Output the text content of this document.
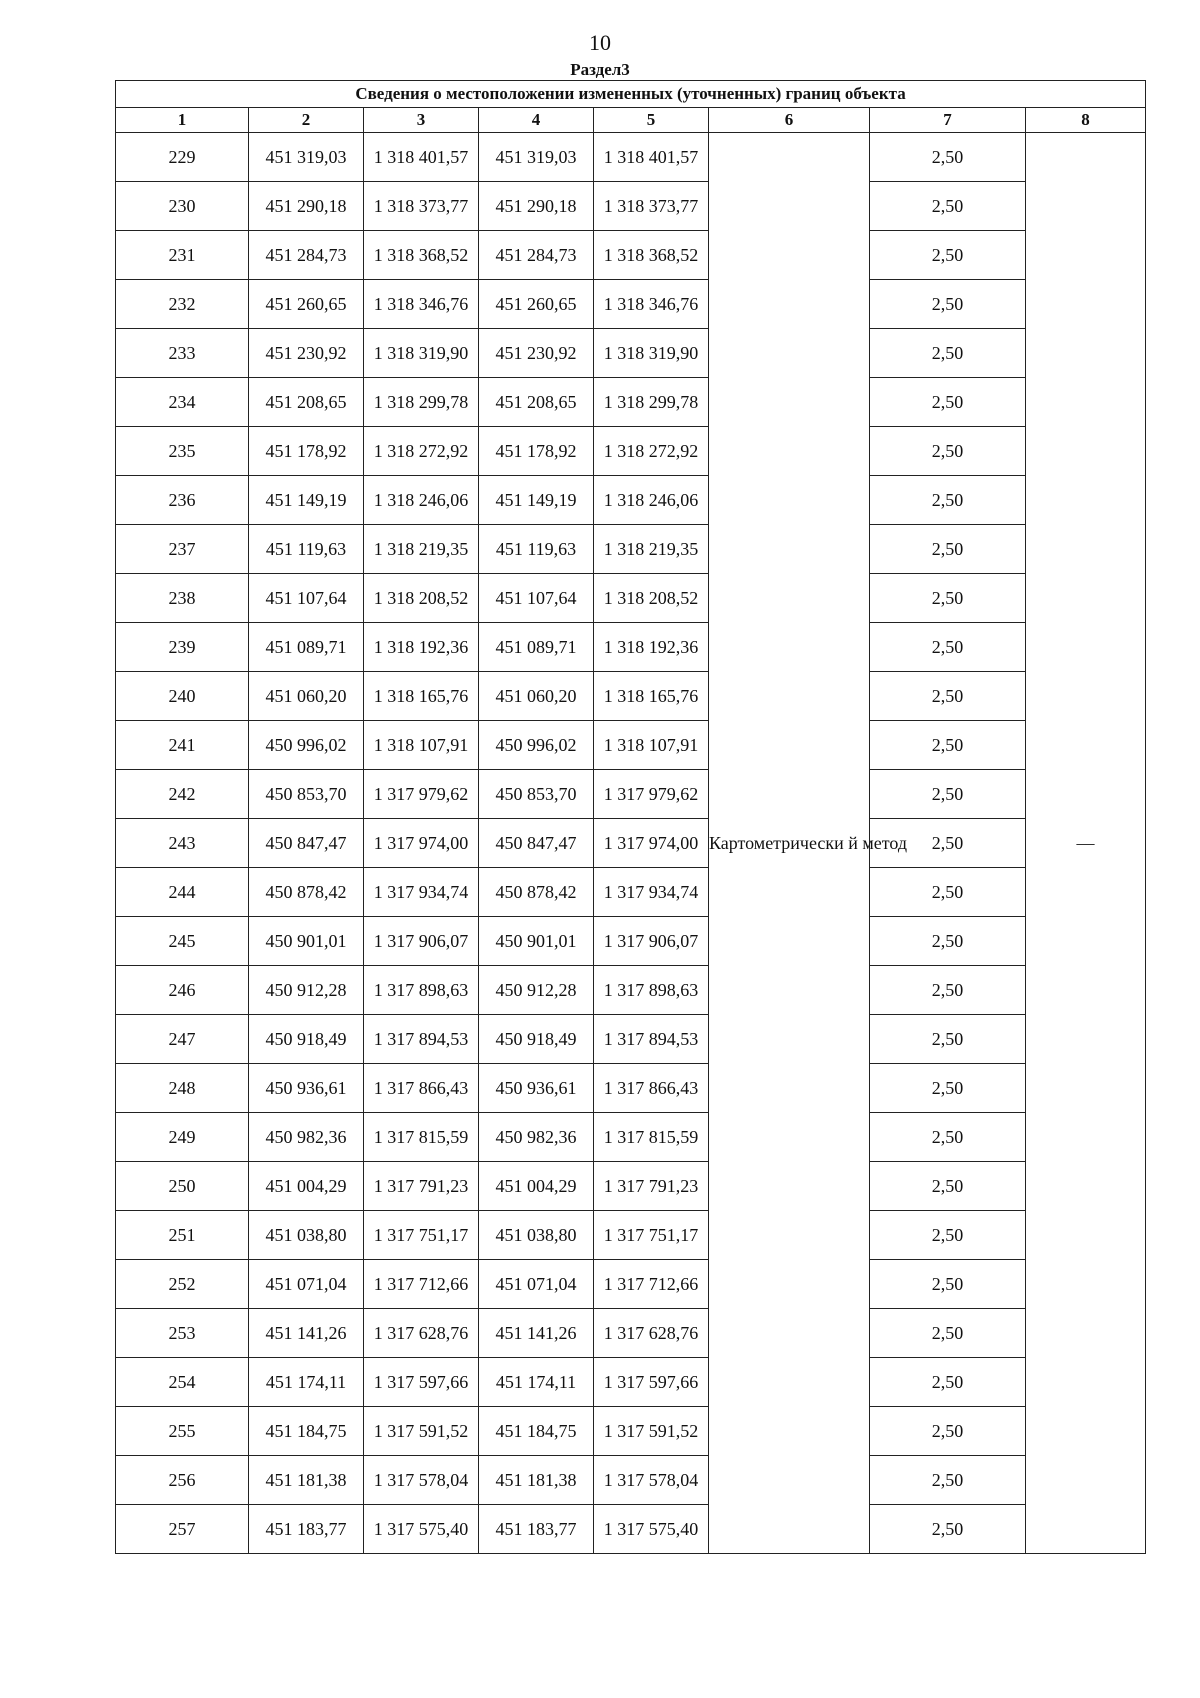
10
Раздел3
Сведения о местоположении измененных (уточненных) границ объекта							
1	2	3	4	5	6	7	8
229	451 319,03	1 318 401,57	451 319,03	1 318 401,57	Картометрически й метод	2,50	—
230	451 290,18	1 318 373,77	451 290,18	1 318 373,77		2,50	
231	451 284,73	1 318 368,52	451 284,73	1 318 368,52		2,50	
232	451 260,65	1 318 346,76	451 260,65	1 318 346,76		2,50	
233	451 230,92	1 318 319,90	451 230,92	1 318 319,90		2,50	
234	451 208,65	1 318 299,78	451 208,65	1 318 299,78		2,50	
235	451 178,92	1 318 272,92	451 178,92	1 318 272,92		2,50	
236	451 149,19	1 318 246,06	451 149,19	1 318 246,06		2,50	
237	451 119,63	1 318 219,35	451 119,63	1 318 219,35		2,50	
238	451 107,64	1 318 208,52	451 107,64	1 318 208,52		2,50	
239	451 089,71	1 318 192,36	451 089,71	1 318 192,36		2,50	
240	451 060,20	1 318 165,76	451 060,20	1 318 165,76		2,50	
241	450 996,02	1 318 107,91	450 996,02	1 318 107,91		2,50	
242	450 853,70	1 317 979,62	450 853,70	1 317 979,62		2,50	
243	450 847,47	1 317 974,00	450 847,47	1 317 974,00		2,50	
244	450 878,42	1 317 934,74	450 878,42	1 317 934,74		2,50	
245	450 901,01	1 317 906,07	450 901,01	1 317 906,07		2,50	
246	450 912,28	1 317 898,63	450 912,28	1 317 898,63		2,50	
247	450 918,49	1 317 894,53	450 918,49	1 317 894,53		2,50	
248	450 936,61	1 317 866,43	450 936,61	1 317 866,43		2,50	
249	450 982,36	1 317 815,59	450 982,36	1 317 815,59		2,50	
250	451 004,29	1 317 791,23	451 004,29	1 317 791,23		2,50	
251	451 038,80	1 317 751,17	451 038,80	1 317 751,17		2,50	
252	451 071,04	1 317 712,66	451 071,04	1 317 712,66		2,50	
253	451 141,26	1 317 628,76	451 141,26	1 317 628,76		2,50	
254	451 174,11	1 317 597,66	451 174,11	1 317 597,66		2,50	
255	451 184,75	1 317 591,52	451 184,75	1 317 591,52		2,50	
256	451 181,38	1 317 578,04	451 181,38	1 317 578,04		2,50	
257	451 183,77	1 317 575,40	451 183,77	1 317 575,40		2,50	
